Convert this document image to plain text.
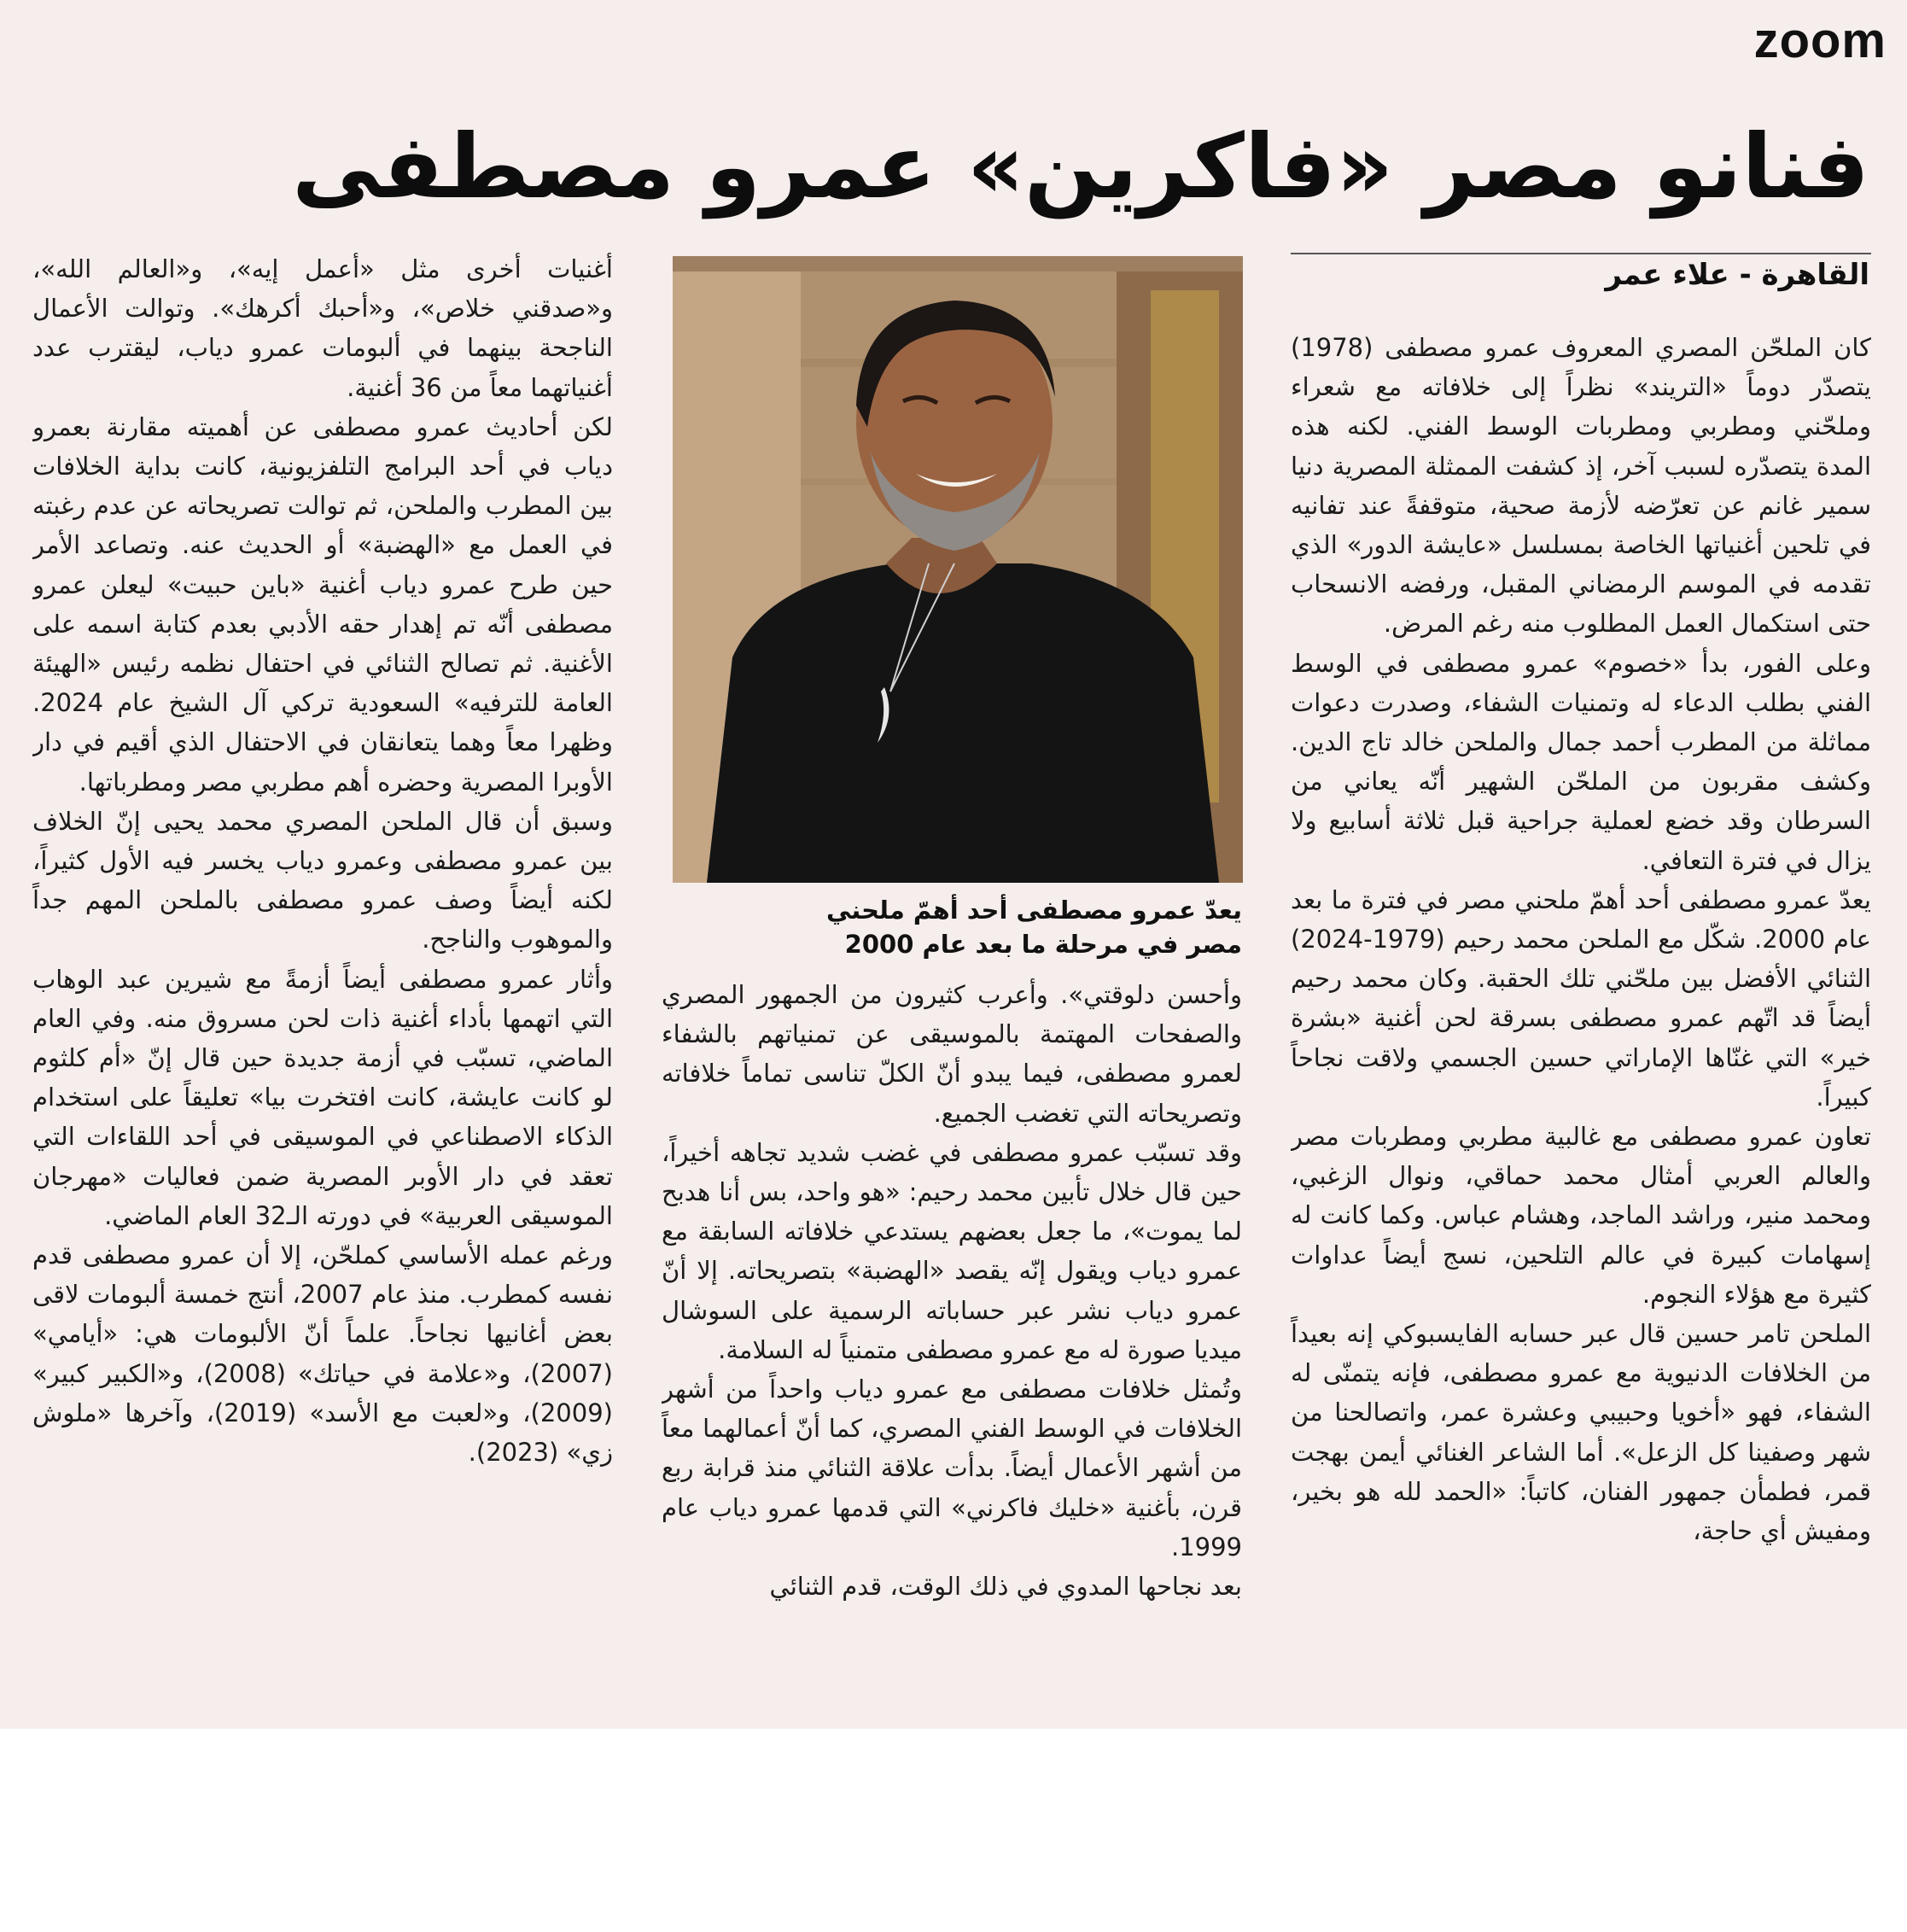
zoom
فنانو مصر «فاكرين» عمرو مصطفى
القاهرة - علاء عمر

كان الملحّن المصري المعروف عمرو مصطفى (1978) يتصدّر دوماً «التريند» نظراً إلى خلافاته مع شعراء وملحّني ومطربي ومطربات الوسط الفني. لكنه هذه المدة يتصدّره لسبب آخر، إذ كشفت الممثلة المصرية دنيا سمير غانم عن تعرّضه لأزمة صحية، متوقفةً عند تفانيه في تلحين أغنياتها الخاصة بمسلسل «عايشة الدور» الذي تقدمه في الموسم الرمضاني المقبل، ورفضه الانسحاب حتى استكمال العمل المطلوب منه رغم المرض.

وعلى الفور، بدأ «خصوم» عمرو مصطفى في الوسط الفني بطلب الدعاء له وتمنيات الشفاء، وصدرت دعوات مماثلة من المطرب أحمد جمال والملحن خالد تاج الدين. وكشف مقربون من الملحّن الشهير أنّه يعاني من السرطان وقد خضع لعملية جراحية قبل ثلاثة أسابيع ولا يزال في فترة التعافي.

يعدّ عمرو مصطفى أحد أهمّ ملحني مصر في فترة ما بعد عام 2000. شكّل مع الملحن محمد رحيم (1979-2024) الثنائي الأفضل بين ملحّني تلك الحقبة. وكان محمد رحيم أيضاً قد اتّهم عمرو مصطفى بسرقة لحن أغنية «بشرة خير» التي غنّاها الإماراتي حسين الجسمي ولاقت نجاحاً كبيراً.

تعاون عمرو مصطفى مع غالبية مطربي ومطربات مصر والعالم العربي أمثال محمد حماقي، ونوال الزغبي، ومحمد منير، وراشد الماجد، وهشام عباس. وكما كانت له إسهامات كبيرة في عالم التلحين، نسج أيضاً عداوات كثيرة مع هؤلاء النجوم.

الملحن تامر حسين قال عبر حسابه الفايسبوكي إنه بعيداً من الخلافات الدنيوية مع عمرو مصطفى، فإنه يتمنّى له الشفاء، فهو «أخويا وحبيبي وعشرة عمر، واتصالحنا من شهر وصفينا كل الزعل». أما الشاعر الغنائي أيمن بهجت قمر، فطمأن جمهور الفنان، كاتباً: «الحمد لله هو بخير، ومفيش أي حاجة،

يعدّ عمرو مصطفى أحد أهمّ ملحني
مصر في مرحلة ما بعد عام 2000

وأحسن دلوقتي». وأعرب كثيرون من الجمهور المصري والصفحات المهتمة بالموسيقى عن تمنياتهم بالشفاء لعمرو مصطفى، فيما يبدو أنّ الكلّ تناسى تماماً خلافاته وتصريحاته التي تغضب الجميع.

وقد تسبّب عمرو مصطفى في غضب شديد تجاهه أخيراً، حين قال خلال تأبين محمد رحيم: «هو واحد، بس أنا هدبح لما يموت»، ما جعل بعضهم يستدعي خلافاته السابقة مع عمرو دياب ويقول إنّه يقصد «الهضبة» بتصريحاته. إلا أنّ عمرو دياب نشر عبر حساباته الرسمية على السوشال ميديا صورة له مع عمرو مصطفى متمنياً له السلامة.

وتُمثل خلافات مصطفى مع عمرو دياب واحداً من أشهر الخلافات في الوسط الفني المصري، كما أنّ أعمالهما معاً من أشهر الأعمال أيضاً. بدأت علاقة الثنائي منذ قرابة ربع قرن، بأغنية «خليك فاكرني» التي قدمها عمرو دياب عام 1999.

بعد نجاحها المدوي في ذلك الوقت، قدم الثنائي

أغنيات أخرى مثل «أعمل إيه»، و«العالم الله»، و«صدقني خلاص»، و«أحبك أكرهك». وتوالت الأعمال الناجحة بينهما في ألبومات عمرو دياب، ليقترب عدد أغنياتهما معاً من 36 أغنية.

لكن أحاديث عمرو مصطفى عن أهميته مقارنة بعمرو دياب في أحد البرامج التلفزيونية، كانت بداية الخلافات بين المطرب والملحن، ثم توالت تصريحاته عن عدم رغبته في العمل مع «الهضبة» أو الحديث عنه. وتصاعد الأمر حين طرح عمرو دياب أغنية «باين حبيت» ليعلن عمرو مصطفى أنّه تم إهدار حقه الأدبي بعدم كتابة اسمه على الأغنية. ثم تصالح الثنائي في احتفال نظمه رئيس «الهيئة العامة للترفيه» السعودية تركي آل الشيخ عام 2024. وظهرا معاً وهما يتعانقان في الاحتفال الذي أقيم في دار الأوبرا المصرية وحضره أهم مطربي مصر ومطرباتها.

وسبق أن قال الملحن المصري محمد يحيى إنّ الخلاف بين عمرو مصطفى وعمرو دياب يخسر فيه الأول كثيراً، لكنه أيضاً وصف عمرو مصطفى بالملحن المهم جداً والموهوب والناجح.

وأثار عمرو مصطفى أيضاً أزمةً مع شيرين عبد الوهاب التي اتهمها بأداء أغنية ذات لحن مسروق منه. وفي العام الماضي، تسبّب في أزمة جديدة حين قال إنّ «أم كلثوم لو كانت عايشة، كانت افتخرت بيا» تعليقاً على استخدام الذكاء الاصطناعي في الموسيقى في أحد اللقاءات التي تعقد في دار الأوبر المصرية ضمن فعاليات «مهرجان الموسيقى العربية» في دورته الـ32 العام الماضي.

ورغم عمله الأساسي كملحّن، إلا أن عمرو مصطفى قدم نفسه كمطرب. منذ عام 2007، أنتج خمسة ألبومات لاقى بعض أغانيها نجاحاً. علماً أنّ الألبومات هي: «أيامي» (2007)، و«علامة في حياتك» (2008)، و«الكبير كبير» (2009)، و«لعبت مع الأسد» (2019)، وآخرها «ملوش زي» (2023).
